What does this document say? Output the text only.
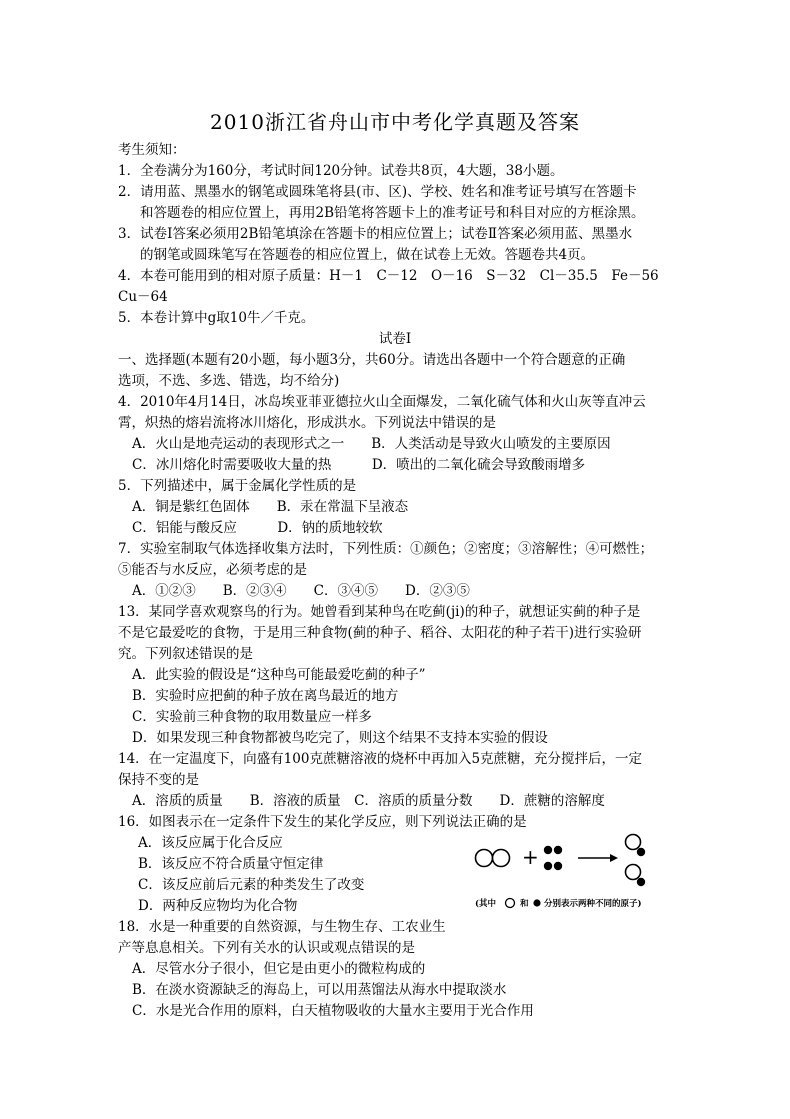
2010浙江省舟山市中考化学真题及答案
考生须知：
1．全卷满分为160分，考试时间120分钟。试卷共8页，4大题，38小题。
2．请用蓝、黑墨水的钢笔或圆珠笔将县(市、区)、学校、姓名和准考证号填写在答题卡
和答题卷的相应位置上，再用2B铅笔将答题卡上的准考证号和科目对应的方框涂黑。
3．试卷Ⅰ答案必须用2B铅笔填涂在答题卡的相应位置上；试卷Ⅱ答案必须用蓝、黑墨水
的钢笔或圆珠笔写在答题卷的相应位置上，做在试卷上无效。答题卷共4页。
4．本卷可能用到的相对原子质量：H－1　C－12　O－16　S－32　Cl－35.5　Fe－56
Cu－64
5．本卷计算中g取10牛／千克。
试卷Ⅰ
一、选择题(本题有20小题，每小题3分，共60分。请选出各题中一个符合题意的正确
选项，不选、多选、错选，均不给分)
4．2010年4月14日，冰岛埃亚菲亚德拉火山全面爆发，二氧化硫气体和火山灰等直冲云
霄，炽热的熔岩流将冰川熔化，形成洪水。下列说法中错误的是
A．火山是地壳运动的表现形式之一　　B．人类活动是导致火山喷发的主要原因
C．冰川熔化时需要吸收大量的热　　　D．喷出的二氧化硫会导致酸雨增多
5．下列描述中，属于金属化学性质的是
A．铜是紫红色固体　　B．汞在常温下呈液态
C．铝能与酸反应　　　D．钠的质地较软
7．实验室制取气体选择收集方法时，下列性质：①颜色；②密度；③溶解性；④可燃性；
⑤能否与水反应，必须考虑的是
A．①②③　　B．②③④　　C．③④⑤　　D．②③⑤
13．某同学喜欢观察鸟的行为。她曾看到某种鸟在吃蓟(ji)的种子，就想证实蓟的种子是
不是它最爱吃的食物，于是用三种食物(蓟的种子、稻谷、太阳花的种子若干)进行实验研
究。下列叙述错误的是
A．此实验的假设是“这种鸟可能最爱吃蓟的种子”
B．实验时应把蓟的种子放在离鸟最近的地方
C．实验前三种食物的取用数量应一样多
D．如果发现三种食物都被鸟吃完了，则这个结果不支持本实验的假设
14．在一定温度下，向盛有100克蔗糖溶液的烧杯中再加入5克蔗糖，充分搅拌后，一定
保持不变的是
A．溶质的质量　　B．溶液的质量　C．溶质的质量分数　　D．蔗糖的溶解度
16．如图表示在一定条件下发生的某化学反应，则下列说法正确的是
A．该反应属于化合反应
B．该反应不符合质量守恒定律
C．该反应前后元素的种类发生了改变
D．两种反应物均为化合物
+
(其中	和 分别表示两种不同的原子)
18．水是一种重要的自然资源，与生物生存、工农业生
产等息息相关。下列有关水的认识或观点错误的是
A．尽管水分子很小，但它是由更小的微粒构成的
B．在淡水资源缺乏的海岛上，可以用蒸馏法从海水中提取淡水
C．水是光合作用的原料，白天植物吸收的大量水主要用于光合作用
